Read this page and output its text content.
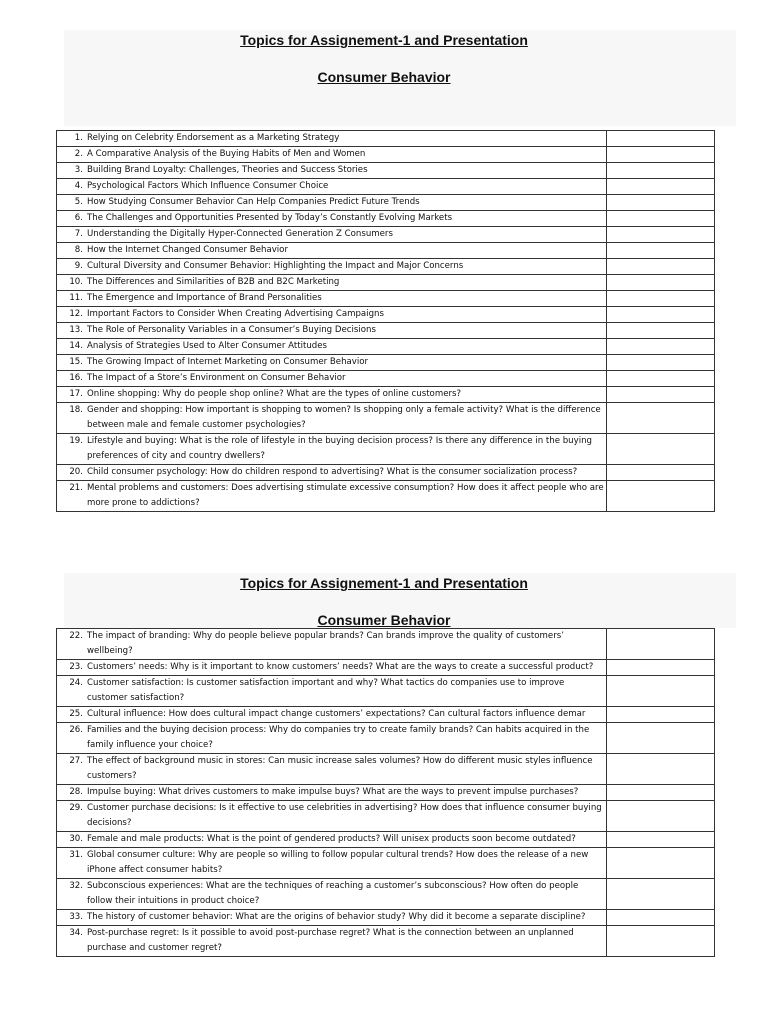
Topics for Assignement-1 and Presentation
Consumer Behavior
1. Relying on Celebrity Endorsement as a Marketing Strategy	

2. A Comparative Analysis of the Buying Habits of Men and Women	

3. Building Brand Loyalty: Challenges, Theories and Success Stories	

4. Psychological Factors Which Influence Consumer Choice	

5. How Studying Consumer Behavior Can Help Companies Predict Future Trends	

6. The Challenges and Opportunities Presented by Today’s Constantly Evolving Markets	

7. Understanding the Digitally Hyper-Connected Generation Z Consumers	

8. How the Internet Changed Consumer Behavior	

9. Cultural Diversity and Consumer Behavior: Highlighting the Impact and Major Concerns	

10. The Differences and Similarities of B2B and B2C Marketing	

11. The Emergence and Importance of Brand Personalities	

12. Important Factors to Consider When Creating Advertising Campaigns	

13. The Role of Personality Variables in a Consumer’s Buying Decisions	

14. Analysis of Strategies Used to Alter Consumer Attitudes	

15. The Growing Impact of Internet Marketing on Consumer Behavior	

16. The Impact of a Store’s Environment on Consumer Behavior	

17. Online shopping: Why do people shop online? What are the types of online customers?	

18. Gender and shopping: How important is shopping to women? Is shopping only a female activity? What is the difference between male and female customer psychologies?	

19. Lifestyle and buying: What is the role of lifestyle in the buying decision process? Is there any difference in the buying preferences of city and country dwellers?	

20. Child consumer psychology: How do children respond to advertising? What is the consumer socialization process?	

21. Mental problems and customers: Does advertising stimulate excessive consumption? How does it affect people who are more prone to addictions?	

Topics for Assignement-1 and Presentation
Consumer Behavior
22. The impact of branding: Why do people believe popular brands? Can brands improve the quality of customers’ wellbeing?	

23. Customers’ needs: Why is it important to know customers’ needs? What are the ways to create a successful product?	

24. Customer satisfaction: Is customer satisfaction important and why? What tactics do companies use to improve customer satisfaction?	

25. Cultural influence: How does cultural impact change customers’ expectations? Can cultural factors influence demar	

26. Families and the buying decision process: Why do companies try to create family brands? Can habits acquired in the family influence your choice?	

27. The effect of background music in stores: Can music increase sales volumes? How do different music styles influence customers?	

28. Impulse buying: What drives customers to make impulse buys? What are the ways to prevent impulse purchases?	

29. Customer purchase decisions: Is it effective to use celebrities in advertising? How does that influence consumer buying decisions?	

30. Female and male products: What is the point of gendered products? Will unisex products soon become outdated?	

31. Global consumer culture: Why are people so willing to follow popular cultural trends? How does the release of a new iPhone affect consumer habits?	

32. Subconscious experiences: What are the techniques of reaching a customer’s subconscious? How often do people follow their intuitions in product choice?	

33. The history of customer behavior: What are the origins of behavior study? Why did it become a separate discipline?	

34. Post-purchase regret: Is it possible to avoid post-purchase regret? What is the connection between an unplanned purchase and customer regret?	
